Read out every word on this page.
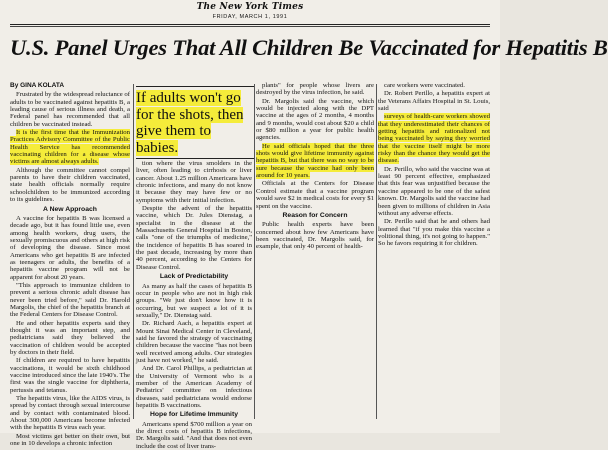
The New York Times
FRIDAY, MARCH 1, 1991
U.S. Panel Urges That All Children Be Vaccinated for Hepatitis B

By GINA KOLATA

Frustrated by the widespread reluctance of adults to be vaccinated against hepatitis B, a leading cause of serious illness and death, a Federal panel has recommended that all children be vaccinated instead.

It is the first time that the Immunization Practices Advisory Committee of the Public Health Service has recommended vaccinating children for a disease whose victims are almost always adults.

Although the committee cannot compel parents to have their children vaccinated, state health officials normally require schoolchildren to be immunized according to its guidelines.

A New Approach

A vaccine for hepatitis B was licensed a decade ago, but it has found little use, even among health workers, drug users, the sexually promiscuous and others at high risk of developing the disease. Since most Americans who get hepatitis B are infected as teenagers or adults, the benefits of a hepatitis vaccine program will not be apparent for about 20 years.

"This approach to immunize children to prevent a serious chronic adult disease has never been tried before," said Dr. Harold Margolis, the chief of the hepatitis branch at the Federal Centers for Disease Control.

He and other hepatitis experts said they thought it was an important step, and pediatricians said they believed the vaccination of children would be accepted by doctors in their field.

If children are required to have hepatitis vaccinations, it would be sixth childhood vaccine introduced since the late 1940's. The first was the single vaccine for diphtheria, pertussis and tetanus.

The hepatitis virus, like the AIDS virus, is spread by contact through sexual intercourse and by contact with contaminated blood. About 300,000 Americans become infected with the hepatitis B virus each year.

Most victims get better on their own, but one in 10 develops a chronic infection

If adults won't go for the shots, then give them to babies.

tion where the virus smolders in the liver, often leading to cirrhosis or liver cancer. About 1.25 million Americans have chronic infections, and many do not know it because they may have few or no symptoms with their initial infection.

Despite the advent of the hepatitis vaccine, which Dr. Jules Dienstag, a specialist in the disease at the Massachusetts General Hospital in Boston, calls "one of the triumphs of medicine," the incidence of hepatitis B has soared in the past decade, increasing by more than 40 percent, according to the Centers for Disease Control.

Lack of Predictability

As many as half the cases of hepatitis B occur in people who are not in high risk groups. "We just don't know how it is occurring, but we suspect a lot of it is sexually," Dr. Dienstag said.

Dr. Richard Aach, a hepatitis expert at Mount Sinai Medical Center in Cleveland, said he favored the strategy of vaccinating children because the vaccine "has not been well received among adults. Our strategies just have not worked," he said.

And Dr. Carol Phillips, a pediatrician at the University of Vermont who is a member of the American Academy of Pediatrics' committee on infectious diseases, said pediatricians would endorse hepatitis B vaccinations.

Hope for Lifetime Immunity

Americans spend $700 million a year on the direct costs of hepatitis B infections, Dr. Margolis said. "And that does not even include the cost of liver trans-

plants" for people whose livers are destroyed by the virus infection, he said.

Dr. Margolis said the vaccine, which would be injected along with the DPT vaccine at the ages of 2 months, 4 months and 9 months, would cost about $20 a child or $80 million a year for public health agencies.

He said officials hoped that the three shots would give lifetime immunity against hepatitis B, but that there was no way to be sure because the vaccine had only been around for 10 years.

Officials at the Centers for Disease Control estimate that a vaccine program would save $2 in medical costs for every $1 spent on the vaccine.

Reason for Concern

Public health experts have been concerned about how few Americans have been vaccinated, Dr. Margolis said, for example, that only 40 percent of health-

care workers were vaccinated.

Dr. Robert Perillo, a hepatitis expert at the Veterans Affairs Hospital in St. Louis, said

surveys of health-care workers showed that they underestimated their chances of getting hepatitis and rationalized not being vaccinated by saying they worried that the vaccine itself might be more risky than the chance they would get the disease.

Dr. Perillo, who said the vaccine was at least 90 percent effective, emphasized that this fear was unjustified because the vaccine appeared to be one of the safest known. Dr. Margolis said the vaccine had been given to millions of children in Asia without any adverse effects.

Dr. Perillo said that he and others had learned that "if you make this vaccine a volitional thing, it's not going to happen." So he favors requiring it for children.
